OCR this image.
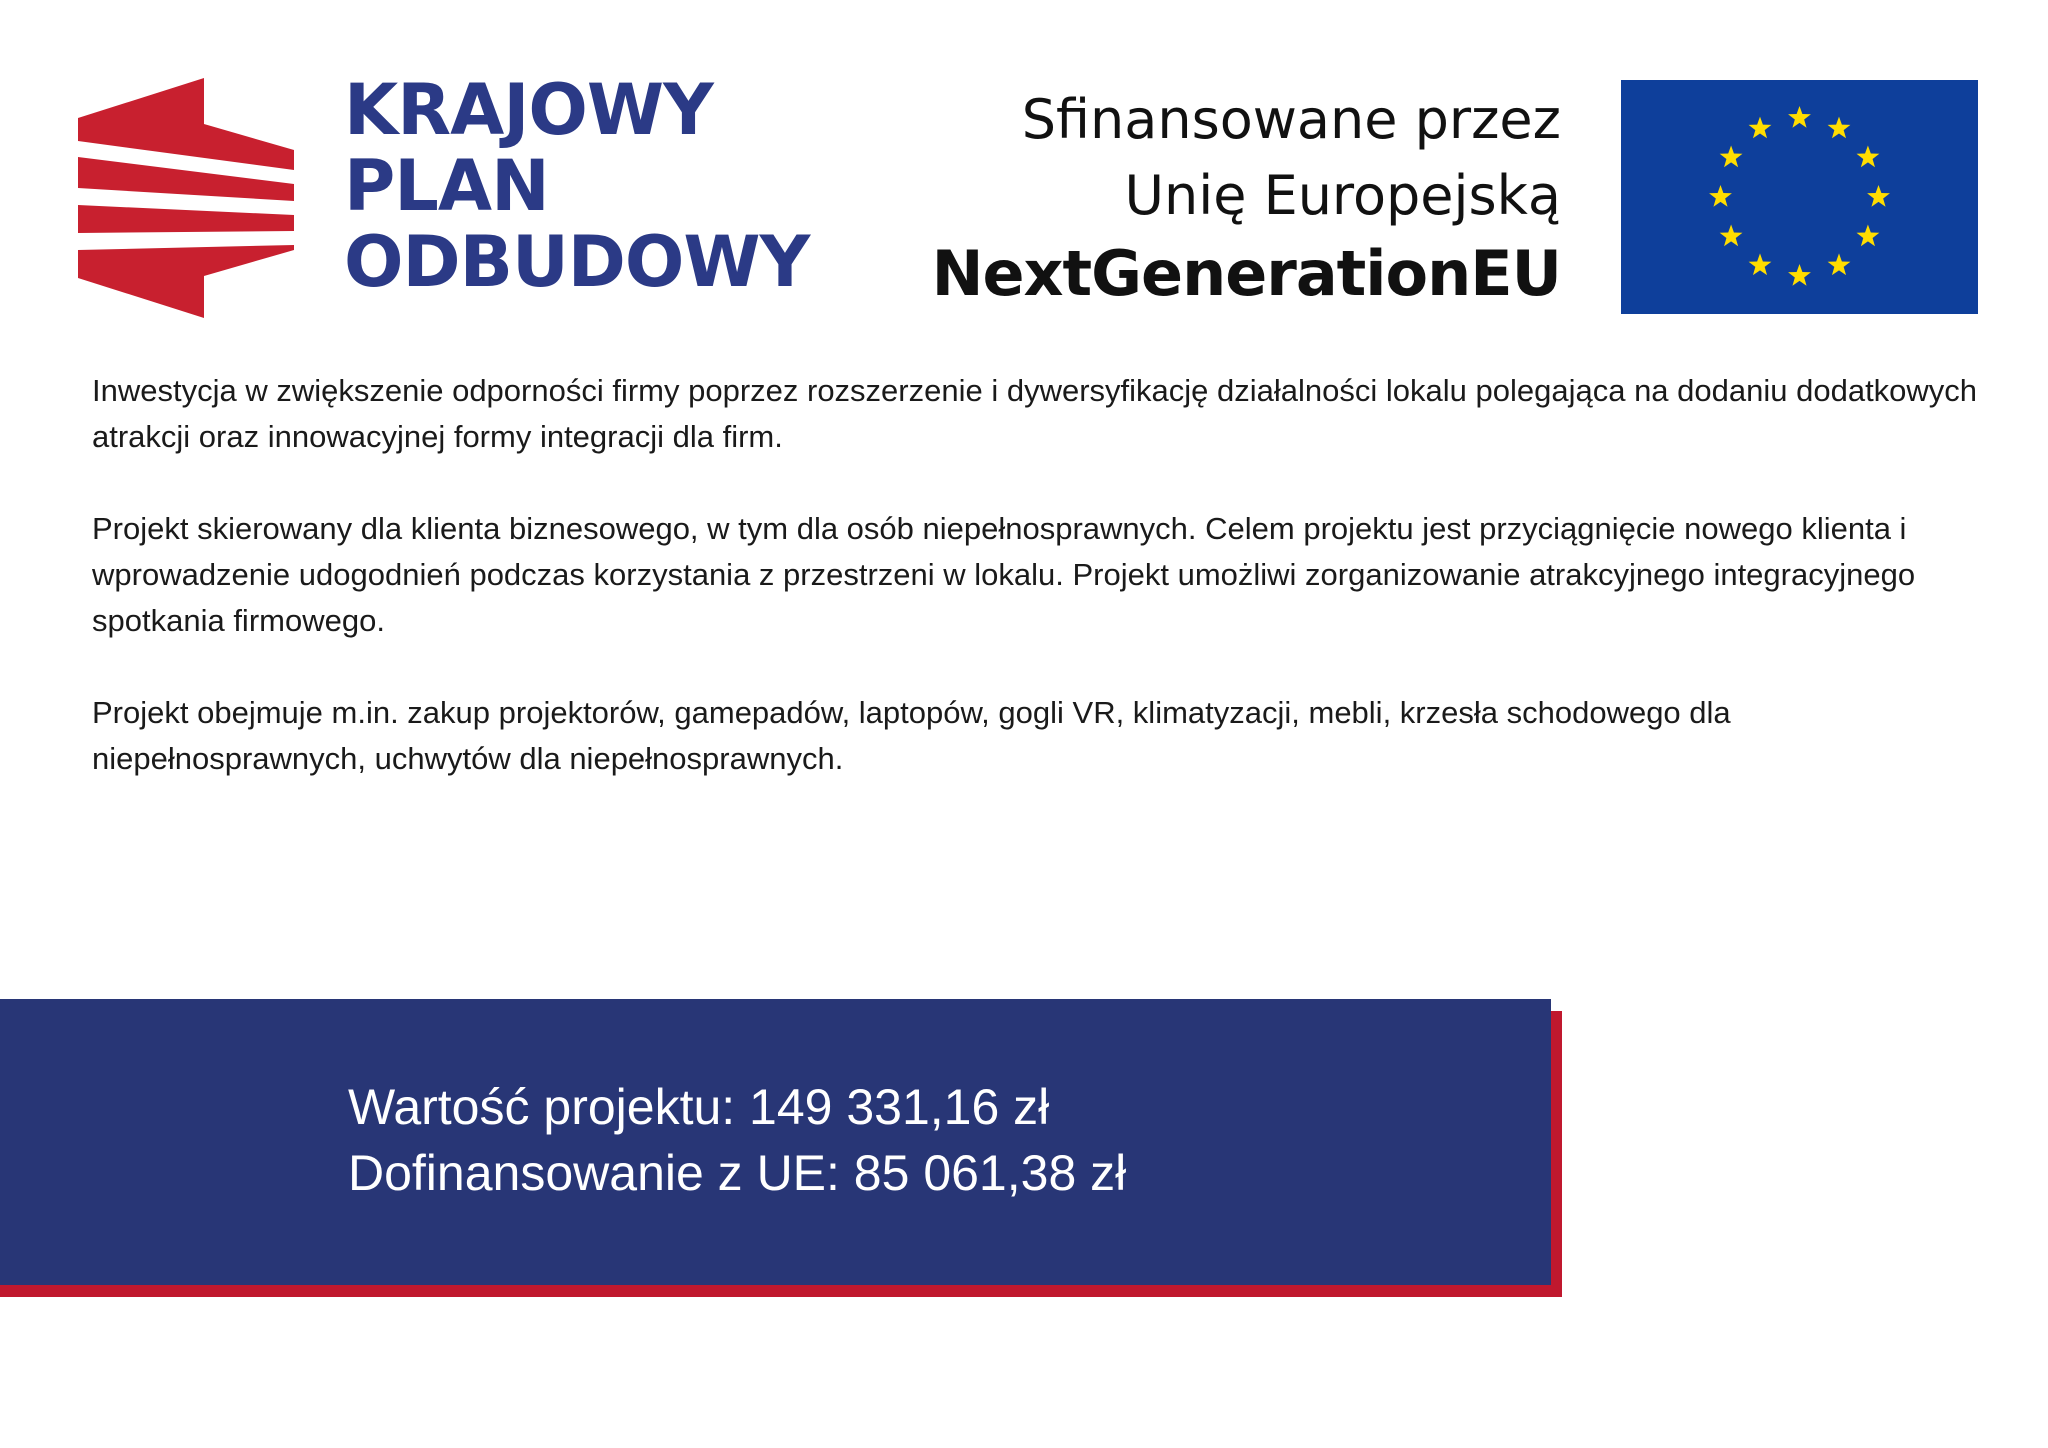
KRAJOWY
PLAN
ODBUDOWY
Sfinansowane przez
Unię Europejską
NextGenerationEU

Inwestycja w zwiększenie odporności firmy poprzez rozszerzenie i dywersyfikację działalności lokalu polegająca na dodaniu dodatkowych atrakcji oraz innowacyjnej formy integracji dla firm.

Projekt skierowany dla klienta biznesowego, w tym dla osób niepełnosprawnych. Celem projektu jest przyciągnięcie nowego klienta i wprowadzenie udogodnień podczas korzystania z przestrzeni w lokalu. Projekt umożliwi zorganizowanie atrakcyjnego integracyjnego spotkania firmowego.

Projekt obejmuje m.in. zakup projektorów, gamepadów, laptopów, gogli VR, klimatyzacji, mebli, krzesła schodowego dla niepełnosprawnych, uchwytów dla niepełnosprawnych.

Wartość projektu: 149 331,16 zł
Dofinansowanie z UE: 85 061,38 zł
